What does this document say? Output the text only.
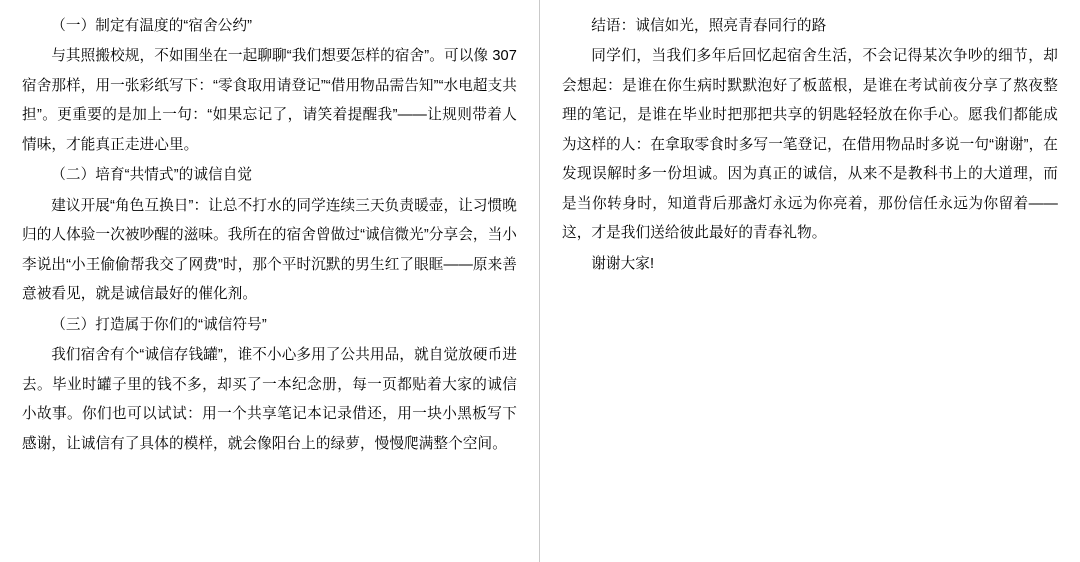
（一）制定有温度的“宿舍公约”

与其照搬校规，不如围坐在一起聊聊“我们想要怎样的宿舍”。可以像 307 宿舍那样，用一张彩纸写下：“零食取用请登记”“借用物品需告知”“水电超支共担”。更重要的是加上一句：“如果忘记了，请笑着提醒我”——让规则带着人情味，才能真正走进心里。

（二）培育“共情式”的诚信自觉

建议开展“角色互换日”：让总不打水的同学连续三天负责暖壶，让习惯晚归的人体验一次被吵醒的滋味。我所在的宿舍曾做过“诚信微光”分享会，当小李说出“小王偷偷帮我交了网费”时，那个平时沉默的男生红了眼眶——原来善意被看见，就是诚信最好的催化剂。

（三）打造属于你们的“诚信符号”

我们宿舍有个“诚信存钱罐”，谁不小心多用了公共用品，就自觉放硬币进去。毕业时罐子里的钱不多，却买了一本纪念册，每一页都贴着大家的诚信小故事。你们也可以试试：用一个共享笔记本记录借还，用一块小黑板写下感谢，让诚信有了具体的模样，就会像阳台上的绿萝，慢慢爬满整个空间。

结语：诚信如光，照亮青春同行的路

同学们，当我们多年后回忆起宿舍生活，不会记得某次争吵的细节，却会想起：是谁在你生病时默默泡好了板蓝根，是谁在考试前夜分享了熬夜整理的笔记，是谁在毕业时把那把共享的钥匙轻轻放在你手心。愿我们都能成为这样的人：在拿取零食时多写一笔登记，在借用物品时多说一句“谢谢”，在发现误解时多一份坦诚。因为真正的诚信，从来不是教科书上的大道理，而是当你转身时，知道背后那盏灯永远为你亮着，那份信任永远为你留着——这，才是我们送给彼此最好的青春礼物。

谢谢大家!
